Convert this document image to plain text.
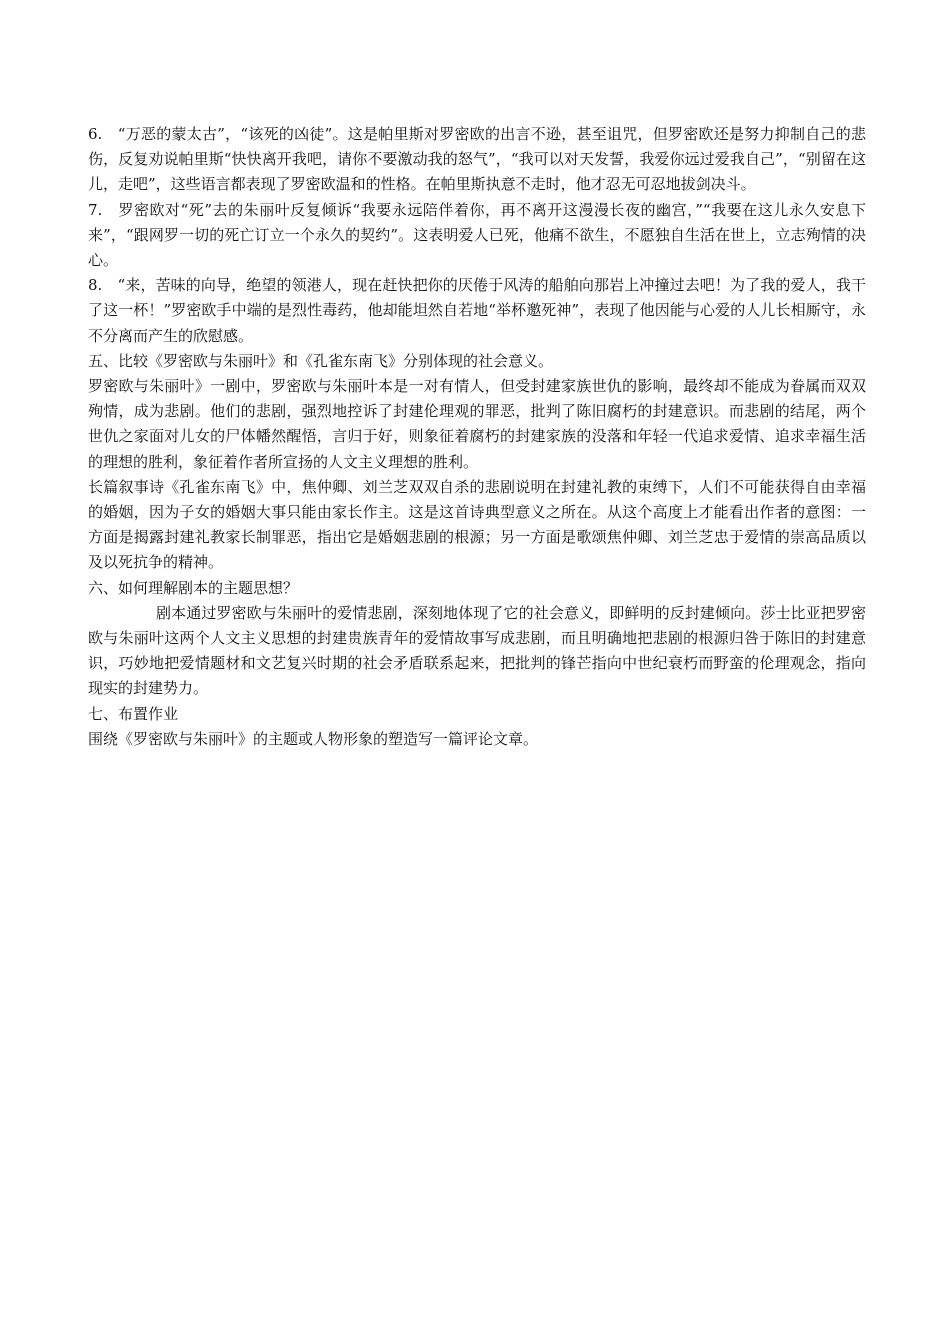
6.　“万恶的蒙太古”，“该死的凶徒”。这是帕里斯对罗密欧的出言不逊，甚至诅咒，但罗密欧还是努力抑制自己的悲伤，反复劝说帕里斯“快快离开我吧，请你不要激动我的怒气”，“我可以对天发誓，我爱你远过爱我自己”，“别留在这儿，走吧”，这些语言都表现了罗密欧温和的性格。在帕里斯执意不走时，他才忍无可忍地拔剑决斗。

7.　罗密欧对“死”去的朱丽叶反复倾诉“我要永远陪伴着你，再不离开这漫漫长夜的幽宫，”“我要在这儿永久安息下来”，“跟网罗一切的死亡订立一个永久的契约”。这表明爱人已死，他痛不欲生，不愿独自生活在世上，立志殉情的决心。

8.　“来，苦味的向导，绝望的领港人，现在赶快把你的厌倦于风涛的船舶向那岩上冲撞过去吧！为了我的爱人，我干了这一杯！”罗密欧手中端的是烈性毒药，他却能坦然自若地“举杯邀死神”，表现了他因能与心爱的人儿长相厮守，永不分离而产生的欣慰感。

五、比较《罗密欧与朱丽叶》和《孔雀东南飞》分别体现的社会意义。

罗密欧与朱丽叶》一剧中，罗密欧与朱丽叶本是一对有情人，但受封建家族世仇的影响，最终却不能成为眷属而双双殉情，成为悲剧。他们的悲剧，强烈地控诉了封建伦理观的罪恶，批判了陈旧腐朽的封建意识。而悲剧的结尾，两个世仇之家面对儿女的尸体幡然醒悟，言归于好，则象征着腐朽的封建家族的没落和年轻一代追求爱情、追求幸福生活的理想的胜利，象征着作者所宣扬的人文主义理想的胜利。

长篇叙事诗《孔雀东南飞》中，焦仲卿、刘兰芝双双自杀的悲剧说明在封建礼教的束缚下，人们不可能获得自由幸福的婚姻，因为子女的婚姻大事只能由家长作主。这是这首诗典型意义之所在。从这个高度上才能看出作者的意图：一方面是揭露封建礼教家长制罪恶，指出它是婚姻悲剧的根源；另一方面是歌颂焦仲卿、刘兰芝忠于爱情的崇高品质以及以死抗争的精神。

六、如何理解剧本的主题思想？

剧本通过罗密欧与朱丽叶的爱情悲剧，深刻地体现了它的社会意义，即鲜明的反封建倾向。莎士比亚把罗密欧与朱丽叶这两个人文主义思想的封建贵族青年的爱情故事写成悲剧，而且明确地把悲剧的根源归咎于陈旧的封建意识，巧妙地把爱情题材和文艺复兴时期的社会矛盾联系起来，把批判的锋芒指向中世纪衰朽而野蛮的伦理观念，指向现实的封建势力。

七、布置作业

围绕《罗密欧与朱丽叶》的主题或人物形象的塑造写一篇评论文章。
